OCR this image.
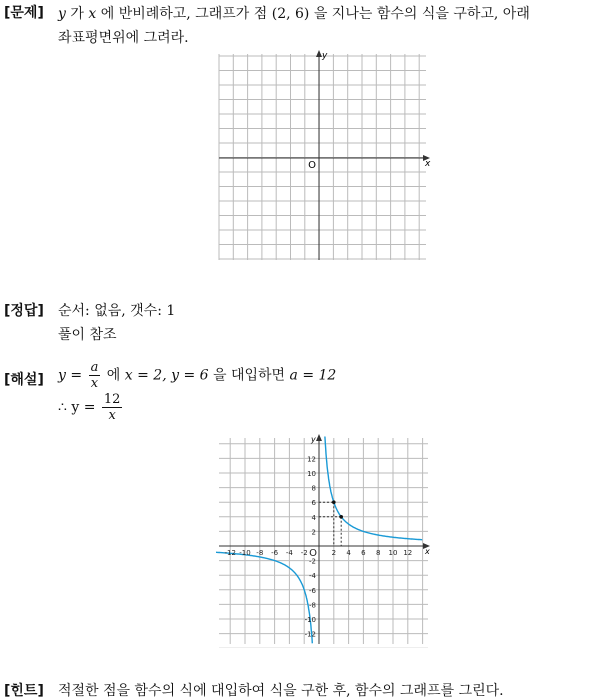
[문제] y 가 x 에 반비례하고, 그래프가 점 (2, 6) 을 지나는 함수의 식을 구하고, 아래
좌표평면위에 그려라.
O	x
y
[정답] 순서: 없음, 갯수: 1
풀이 참조
[해설] $y = \frac{a}{x}$ 에 x = 2, y = 6 을 대입하면 a = 12
∴ $y = \frac{12}{x}$
x
y
-12 -10 -8 -6 -4 -2 O 2 4 6 8 10 12
12
10
8
6
4
2
-2
-4
-6
-8
-10
-12
[힌트] 적절한 점을 함수의 식에 대입하여 식을 구한 후, 함수의 그래프를 그린다.
